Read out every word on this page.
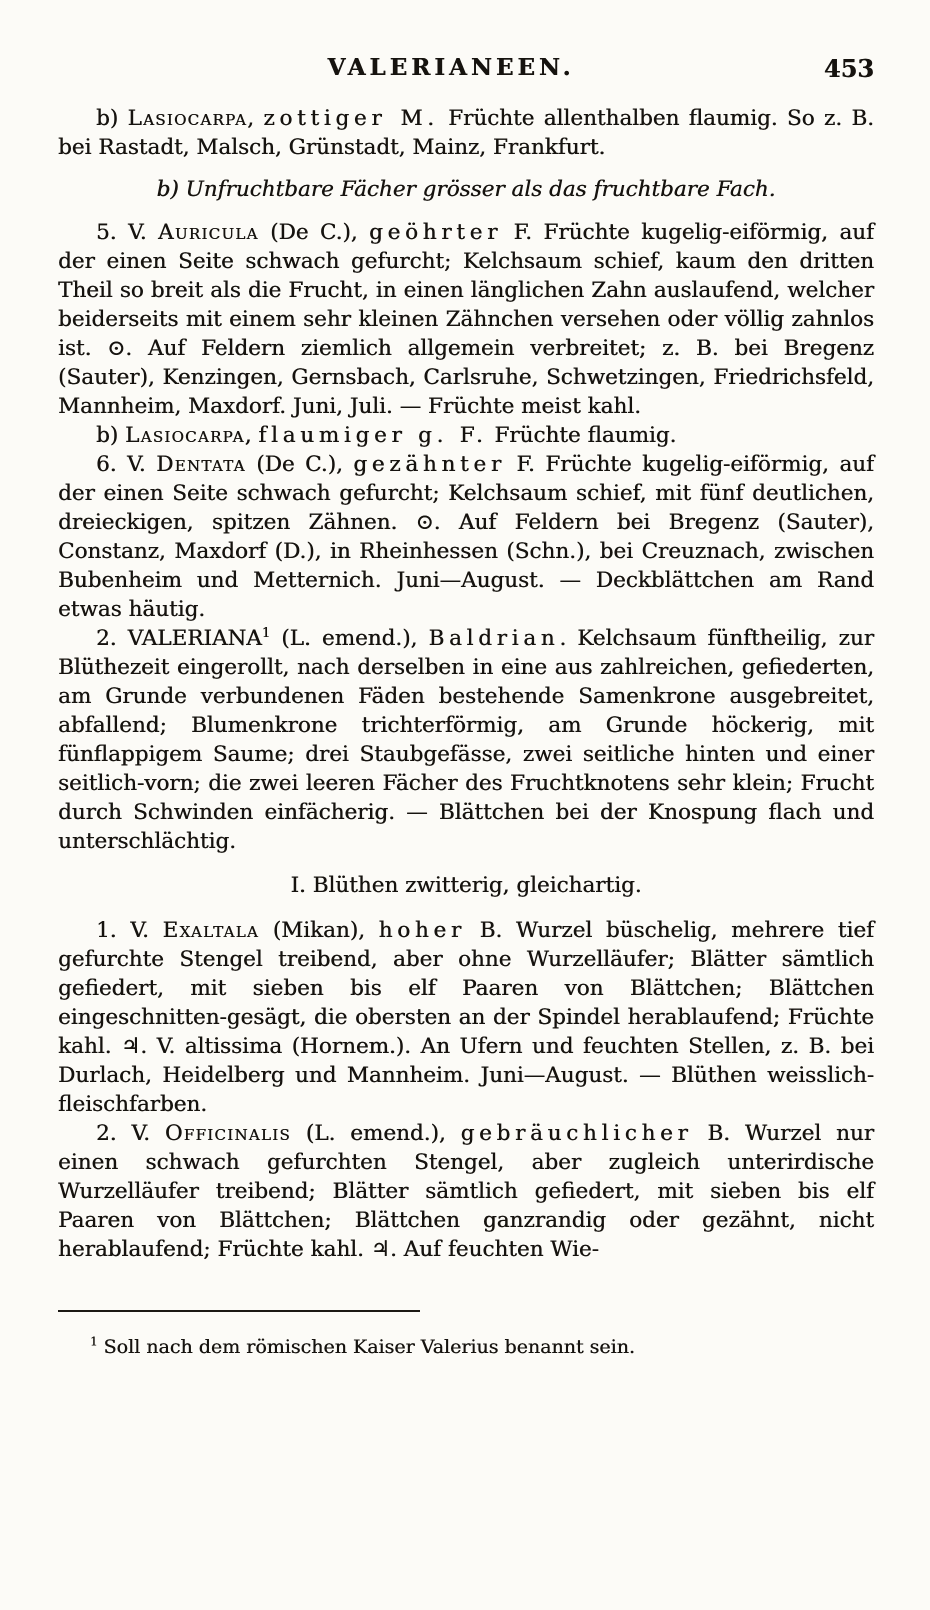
VALERIANEEN.	453

b) Lasiocarpa, zottiger M. Früchte allenthalben flaumig. So z. B. bei Rastadt, Malsch, Grünstadt, Mainz, Frankfurt.

b) Unfruchtbare Fächer grösser als das fruchtbare Fach.

5. V. Auricula (De C.), geöhrter F. Früchte kugelig-eiförmig, auf der einen Seite schwach gefurcht; Kelchsaum schief, kaum den dritten Theil so breit als die Frucht, in einen länglichen Zahn auslaufend, welcher beiderseits mit einem sehr kleinen Zähnchen versehen oder völlig zahnlos ist. ⊙. Auf Feldern ziemlich allgemein verbreitet; z. B. bei Bregenz (Sauter), Kenzingen, Gernsbach, Carlsruhe, Schwetzingen, Friedrichsfeld, Mannheim, Maxdorf. Juni, Juli. — Früchte meist kahl.

b) Lasiocarpa, flaumiger g. F. Früchte flaumig.

6. V. Dentata (De C.), gezähnter F. Früchte kugelig-eiförmig, auf der einen Seite schwach gefurcht; Kelchsaum schief, mit fünf deutlichen, dreieckigen, spitzen Zähnen. ⊙. Auf Feldern bei Bregenz (Sauter), Constanz, Maxdorf (D.), in Rheinhessen (Schn.), bei Creuznach, zwischen Bubenheim und Metternich. Juni—August. — Deckblättchen am Rand etwas häutig.

2. VALERIANA$^1$ (L. emend.), Baldrian. Kelchsaum fünftheilig, zur Blüthezeit eingerollt, nach derselben in eine aus zahlreichen, gefiederten, am Grunde verbundenen Fäden bestehende Samenkrone ausgebreitet, abfallend; Blumenkrone trichterförmig, am Grunde höckerig, mit fünflappigem Saume; drei Staubgefässe, zwei seitliche hinten und einer seitlich-vorn; die zwei leeren Fächer des Fruchtknotens sehr klein; Frucht durch Schwinden einfächerig. — Blättchen bei der Knospung flach und unterschlächtig.

I. Blüthen zwitterig, gleichartig.

1. V. Exaltala (Mikan), hoher B. Wurzel büschelig, mehrere tief gefurchte Stengel treibend, aber ohne Wurzelläufer; Blätter sämtlich gefiedert, mit sieben bis elf Paaren von Blättchen; Blättchen eingeschnitten-gesägt, die obersten an der Spindel herablaufend; Früchte kahl. ♃. V. altissima (Hornem.). An Ufern und feuchten Stellen, z. B. bei Durlach, Heidelberg und Mannheim. Juni—August. — Blüthen weisslich-fleischfarben.

2. V. Officinalis (L. emend.), gebräuchlicher B. Wurzel nur einen schwach gefurchten Stengel, aber zugleich unterirdische Wurzelläufer treibend; Blätter sämtlich gefiedert, mit sieben bis elf Paaren von Blättchen; Blättchen ganzrandig oder gezähnt, nicht herablaufend; Früchte kahl. ♃. Auf feuchten Wie-

$^1$ Soll nach dem römischen Kaiser Valerius benannt sein.
